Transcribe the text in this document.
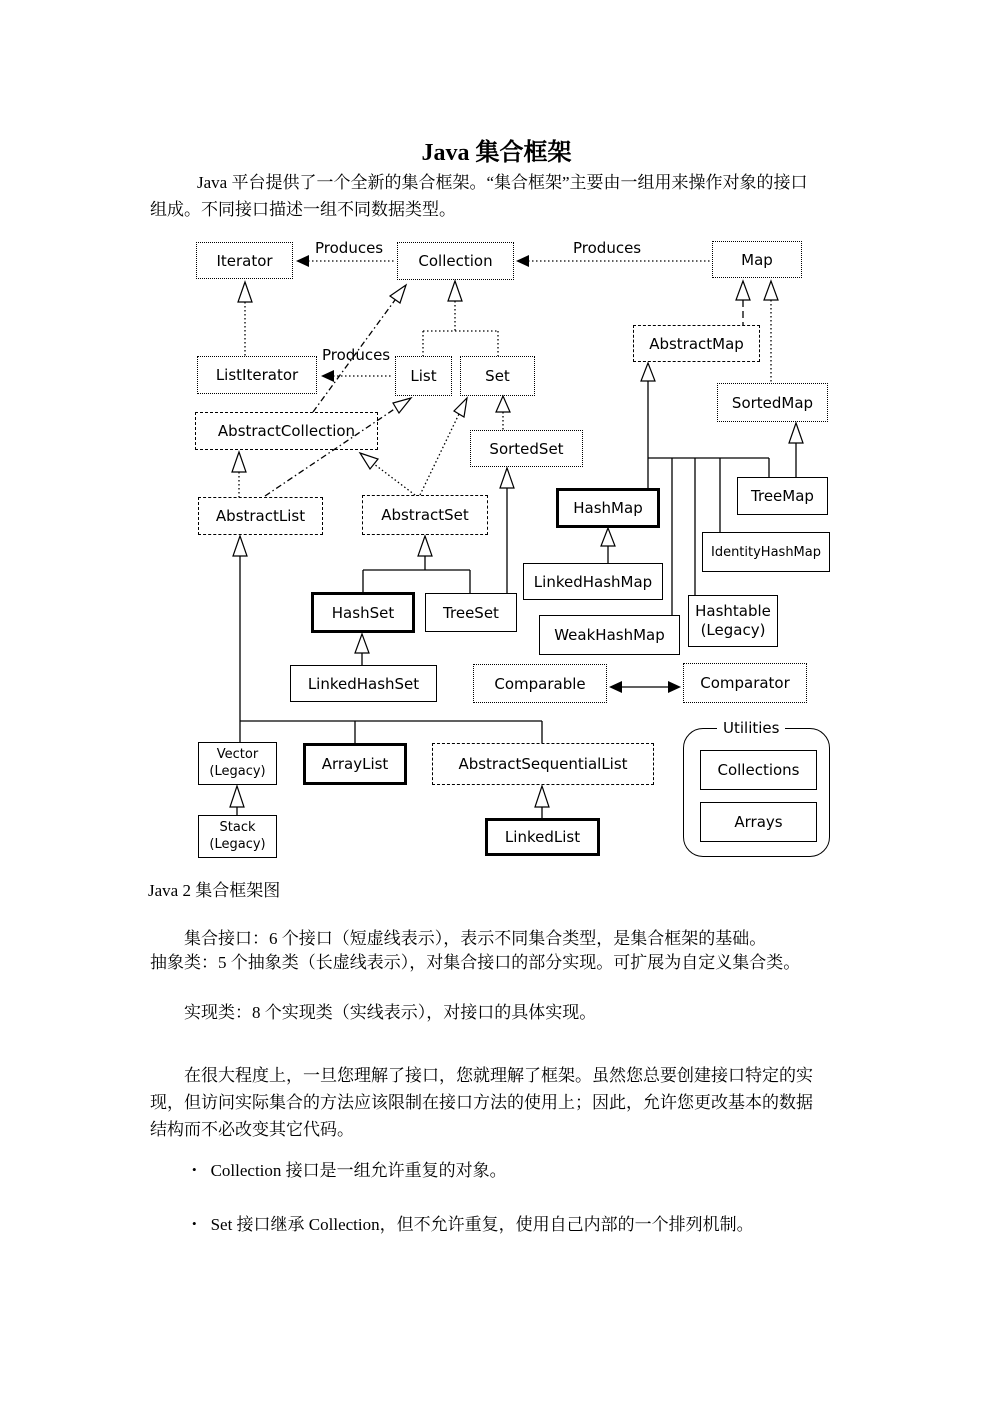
Java 集合框架
Java 平台提供了一个全新的集合框架。“集合框架”主要由一组用来操作对象的接口
组成。不同接口描述一组不同数据类型。
Produces	Produces
Produces
Iterator	Collection	Map
ListIterator	List	Set
AbstractMap
SortedMap
AbstractCollection
SortedSet
AbstractList	AbstractSet
TreeMap
HashMap
IdentityHashMap
LinkedHashMap
Hashtable
(Legacy)
WeakHashMap
HashSet	TreeSet
LinkedHashSet	Comparable	Comparator
Vector
(Legacy)	ArrayList	AbstractSequentialList
Stack
(Legacy)	LinkedList
Utilities
Collections
Arrays
Java 2 集合框架图
集合接口：6 个接口（短虚线表示），表示不同集合类型，是集合框架的基础。
抽象类：5 个抽象类（长虚线表示），对集合接口的部分实现。可扩展为自定义集合类。
实现类：8 个实现类（实线表示），对接口的具体实现。
在很大程度上，一旦您理解了接口，您就理解了框架。虽然您总要创建接口特定的实
现，但访问实际集合的方法应该限制在接口方法的使用上；因此，允许您更改基本的数据
结构而不必改变其它代码。
• Collection 接口是一组允许重复的对象。
• Set 接口继承 Collection，但不允许重复，使用自己内部的一个排列机制。
